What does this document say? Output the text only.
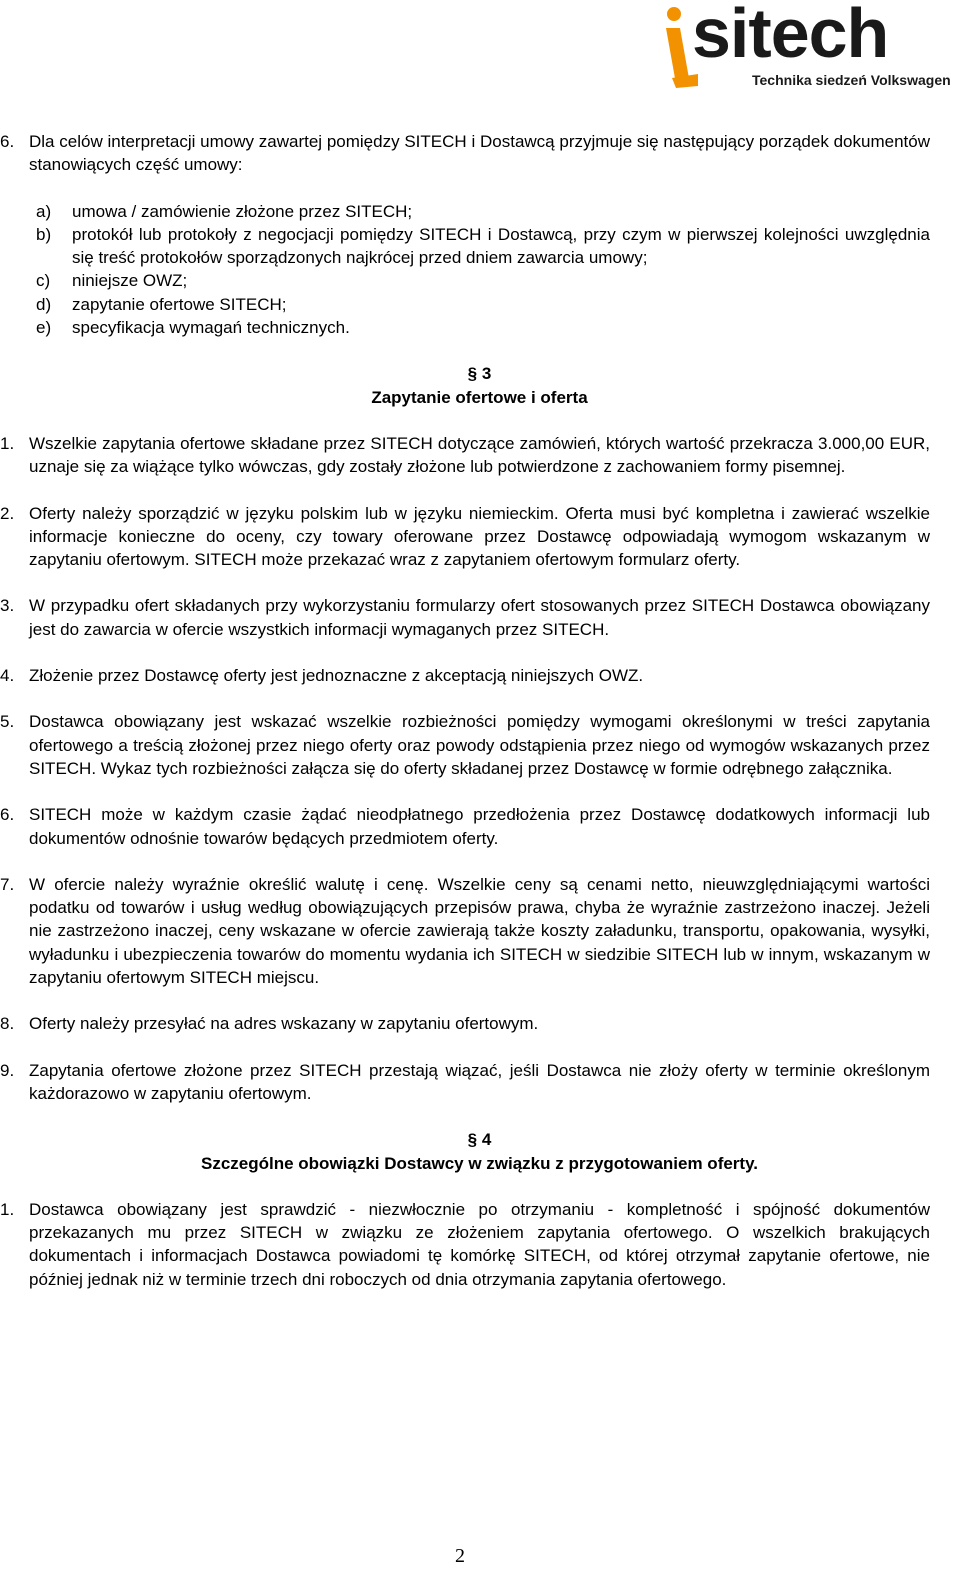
sitech
Technika siedzeń Volkswagen
6. Dla celów interpretacji umowy zawartej pomiędzy SITECH i Dostawcą przyjmuje się następujący porządek dokumentów stanowiących część umowy:
a) umowa / zamówienie złożone przez SITECH;
b) protokół lub protokoły z negocjacji pomiędzy SITECH i Dostawcą, przy czym w pierwszej kolejności uwzględnia się treść protokołów sporządzonych najkrócej przed dniem zawarcia umowy;
c) niniejsze OWZ;
d) zapytanie ofertowe SITECH;
e) specyfikacja wymagań technicznych.
§ 3
Zapytanie ofertowe i oferta
1. Wszelkie zapytania ofertowe składane przez SITECH dotyczące zamówień, których wartość przekracza 3.000,00 EUR, uznaje się za wiążące tylko wówczas, gdy zostały złożone lub potwierdzone z zachowaniem formy pisemnej.
2. Oferty należy sporządzić w języku polskim lub w języku niemieckim. Oferta musi być kompletna i zawierać wszelkie informacje konieczne do oceny, czy towary oferowane przez Dostawcę odpowiadają wymogom wskazanym w zapytaniu ofertowym. SITECH może przekazać wraz z zapytaniem ofertowym formularz oferty.
3. W przypadku ofert składanych przy wykorzystaniu formularzy ofert stosowanych przez SITECH Dostawca obowiązany jest do zawarcia w ofercie wszystkich informacji wymaganych przez SITECH.
4. Złożenie przez Dostawcę oferty jest jednoznaczne z akceptacją niniejszych OWZ.
5. Dostawca obowiązany jest wskazać wszelkie rozbieżności pomiędzy wymogami określonymi w treści zapytania ofertowego a treścią złożonej przez niego oferty oraz powody odstąpienia przez niego od wymogów wskazanych przez SITECH. Wykaz tych rozbieżności załącza się do oferty składanej przez Dostawcę w formie odrębnego załącznika.
6. SITECH może w każdym czasie żądać nieodpłatnego przedłożenia przez Dostawcę dodatkowych informacji lub dokumentów odnośnie towarów będących przedmiotem oferty.
7. W ofercie należy wyraźnie określić walutę i cenę. Wszelkie ceny są cenami netto, nieuwzględniającymi wartości podatku od towarów i usług według obowiązujących przepisów prawa, chyba że wyraźnie zastrzeżono inaczej. Jeżeli nie zastrzeżono inaczej, ceny wskazane w ofercie zawierają także koszty załadunku, transportu, opakowania, wysyłki, wyładunku i ubezpieczenia towarów do momentu wydania ich SITECH w siedzibie SITECH lub w innym, wskazanym w zapytaniu ofertowym SITECH miejscu.
8. Oferty należy przesyłać na adres wskazany w zapytaniu ofertowym.
9. Zapytania ofertowe złożone przez SITECH przestają wiązać, jeśli Dostawca nie złoży oferty w terminie określonym każdorazowo w zapytaniu ofertowym.
§ 4
Szczególne obowiązki Dostawcy w związku z przygotowaniem oferty.
1. Dostawca obowiązany jest sprawdzić - niezwłocznie po otrzymaniu - kompletność i spójność dokumentów przekazanych mu przez SITECH w związku ze złożeniem zapytania ofertowego. O wszelkich brakujących dokumentach i informacjach Dostawca powiadomi tę komórkę SITECH, od której otrzymał zapytanie ofertowe, nie później jednak niż w terminie trzech dni roboczych od dnia otrzymania zapytania ofertowego.
2
